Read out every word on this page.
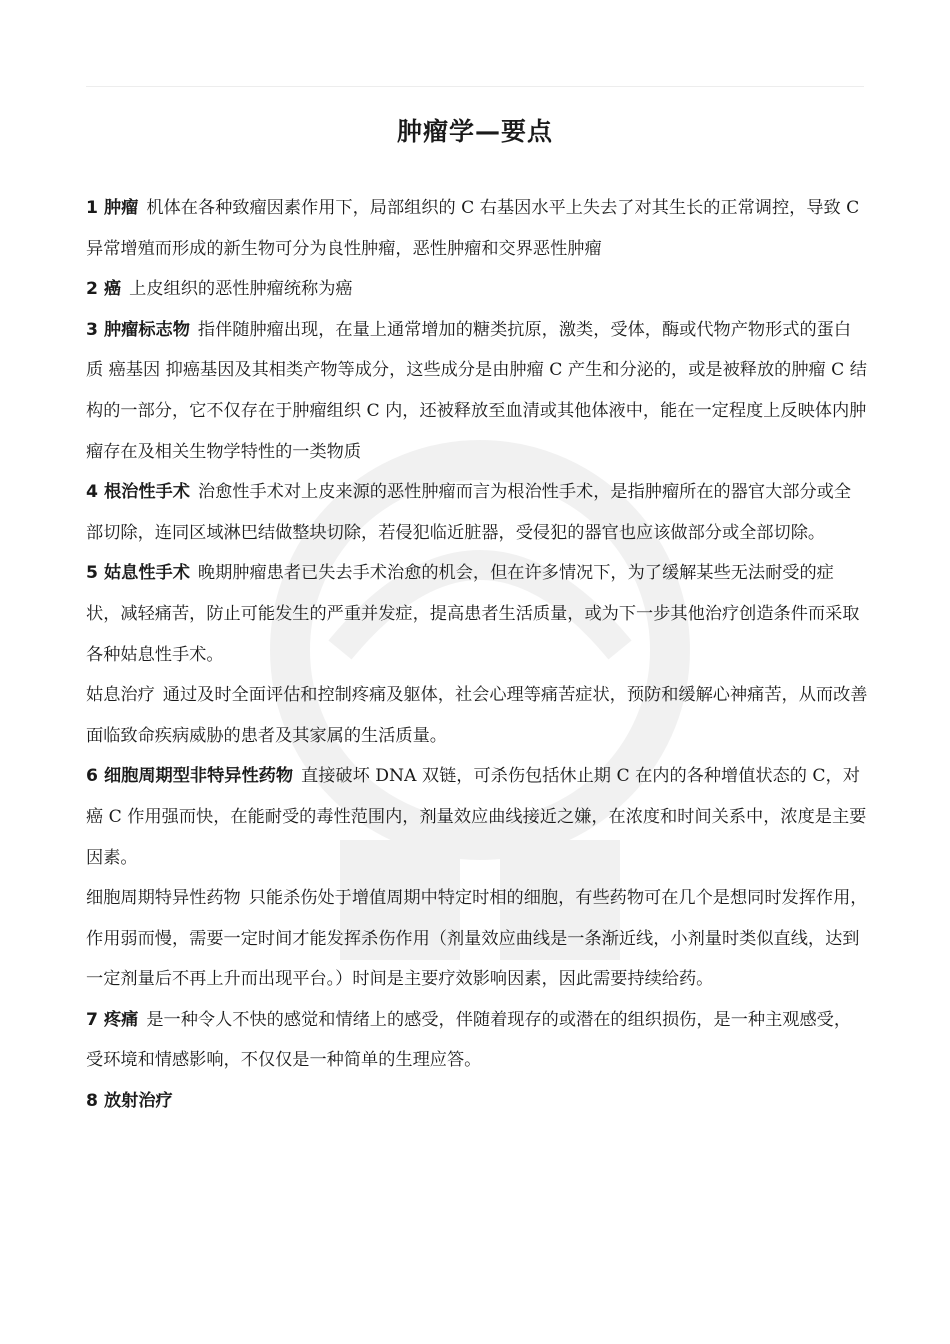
肿瘤学—要点

1 肿瘤 机体在各种致瘤因素作用下，局部组织的 C 右基因水平上失去了对其生长的正常调控，导致 C 异常增殖而形成的新生物可分为良性肿瘤，恶性肿瘤和交界恶性肿瘤

2 癌 上皮组织的恶性肿瘤统称为癌

3 肿瘤标志物 指伴随肿瘤出现，在量上通常增加的糖类抗原，激类，受体，酶或代物产物形式的蛋白质 癌基因 抑癌基因及其相类产物等成分，这些成分是由肿瘤 C 产生和分泌的，或是被释放的肿瘤 C 结构的一部分，它不仅存在于肿瘤组织 C 内，还被释放至血清或其他体液中，能在一定程度上反映体内肿瘤存在及相关生物学特性的一类物质

4 根治性手术 治愈性手术对上皮来源的恶性肿瘤而言为根治性手术，是指肿瘤所在的器官大部分或全部切除，连同区域淋巴结做整块切除，若侵犯临近脏器，受侵犯的器官也应该做部分或全部切除。

5 姑息性手术 晚期肿瘤患者已失去手术治愈的机会，但在许多情况下，为了缓解某些无法耐受的症状，减轻痛苦，防止可能发生的严重并发症，提高患者生活质量，或为下一步其他治疗创造条件而采取各种姑息性手术。

姑息治疗 通过及时全面评估和控制疼痛及躯体，社会心理等痛苦症状，预防和缓解心神痛苦，从而改善面临致命疾病威胁的患者及其家属的生活质量。

6 细胞周期型非特异性药物 直接破坏 DNA 双链，可杀伤包括休止期 C 在内的各种增值状态的 C，对癌 C 作用强而快，在能耐受的毒性范围内，剂量效应曲线接近之嫌，在浓度和时间关系中，浓度是主要因素。

细胞周期特异性药物 只能杀伤处于增值周期中特定时相的细胞，有些药物可在几个是想同时发挥作用，作用弱而慢，需要一定时间才能发挥杀伤作用（剂量效应曲线是一条渐近线，小剂量时类似直线，达到一定剂量后不再上升而出现平台。）时间是主要疗效影响因素，因此需要持续给药。

7 疼痛 是一种令人不快的感觉和情绪上的感受，伴随着现存的或潜在的组织损伤，是一种主观感受，受环境和情感影响，不仅仅是一种简单的生理应答。

8 放射治疗
